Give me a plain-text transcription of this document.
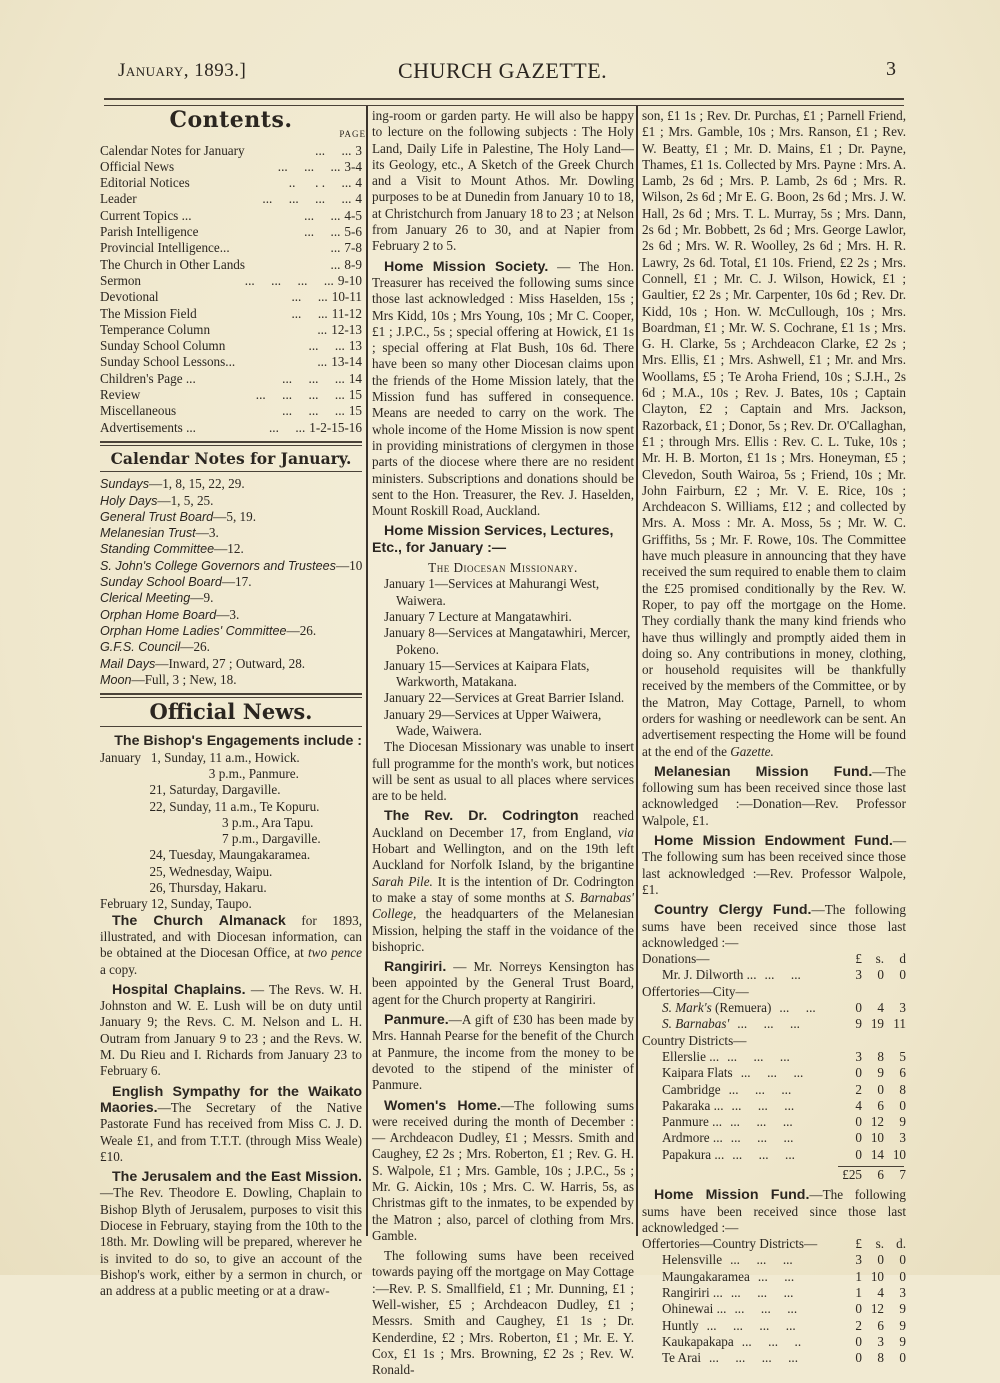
January, 1893.]	CHURCH GAZETTE.	3
Contents.
PAGE
Calendar Notes for January	...     ... 3
Official News	...     ...     ... 3-4
Editorial Notices	..      . .     ... 4
Leader	...     ...     ...     ... 4
Current Topics ...	...     ... 4-5
Parish Intelligence	...     ... 5-6
Provincial Intelligence...	... 7-8
The Church in Other Lands	... 8-9
Sermon	...     ...     ...     ... 9-10
Devotional	...     ... 10-11
The Mission Field	...     ... 11-12
Temperance Column	... 12-13
Sunday School Column	...     ... 13
Sunday School Lessons...	... 13-14
Children's Page ...	...     ...     ... 14
Review	...     ...     ...     ... 15
Miscellaneous	...     ...     ... 15
Advertisements ...	...     ... 1-2-15-16
Calendar Notes for January.
Sundays—1, 8, 15, 22, 29.
Holy Days—1, 5, 25.
General Trust Board—5, 19.
Melanesian Trust—3.
Standing Committee—12.
S. John's College Governors and Trustees—10
Sunday School Board—17.
Clerical Meeting—9.
Orphan Home Board—3.
Orphan Home Ladies' Committee—26.
G.F.S. Council—26.
Mail Days—Inward, 27 ; Outward, 28.
Moon—Full, 3 ; New, 18.
Official News.
The Bishop's Engagements include :
January   1, Sunday, 11 a.m., Howick.
3 p.m., Panmure.
21, Saturday, Dargaville.
22, Sunday, 11 a.m., Te Kopuru.
3 p.m., Ara Tapu.
7 p.m., Dargaville.
24, Tuesday, Maungakaramea.
25, Wednesday, Waipu.
26, Thursday, Hakaru.
February 12, Sunday, Taupo.

The Church Almanack for 1893, illustrated, and with Diocesan information, can be obtained at the Diocesan Office, at two pence a copy.

Hospital Chaplains. — The Revs. W. H. Johnston and W. E. Lush will be on duty until January 9; the Revs. C. M. Nelson and L. H. Outram from January 9 to 23 ; and the Revs. W. M. Du Rieu and I. Richards from January 23 to February 6.

English Sympathy for the Waikato Maories.—The Secretary of the Native Pastorate Fund has received from Miss C. J. D. Weale £1, and from T.T.T. (through Miss Weale) £10.

The Jerusalem and the East Mission.—The Rev. Theodore E. Dowling, Chaplain to Bishop Blyth of Jerusalem, purposes to visit this Diocese in February, staying from the 10th to the 18th. Mr. Dowling will be prepared, wherever he is invited to do so, to give an account of the Bishop's work, either by a sermon in church, or an address at a public meeting or at a draw-

ing-room or garden party. He will also be happy to lecture on the following subjects : The Holy Land, Daily Life in Palestine, The Holy Land—its Geology, etc., A Sketch of the Greek Church and a Visit to Mount Athos. Mr. Dowling purposes to be at Dunedin from January 10 to 18, at Christchurch from January 18 to 23 ; at Nelson from January 26 to 30, and at Napier from February 2 to 5.

Home Mission Society. — The Hon. Treasurer has received the following sums since those last acknowledged : Miss Haselden, 15s ; Mrs Kidd, 10s ; Mrs Young, 10s ; Mr C. Cooper, £1 ; J.P.C., 5s ; special offering at Howick, £1 1s ; special offering at Flat Bush, 10s 6d. There have been so many other Diocesan claims upon the friends of the Home Mission lately, that the Mission fund has suffered in consequence. Means are needed to carry on the work. The whole income of the Home Mission is now spent in providing ministrations of clergymen in those parts of the diocese where there are no resident ministers. Subscriptions and donations should be sent to the Hon. Treasurer, the Rev. J. Haselden, Mount Roskill Road, Auckland.

Home Mission Services, Lectures, Etc., for January :—

The Diocesan Missionary.

January 1—Services at Mahurangi West, Waiwera.

January 7 Lecture at Mangatawhiri.

January 8—Services at Mangatawhiri, Mercer, Pokeno.

January 15—Services at Kaipara Flats, Warkworth, Matakana.

January 22—Services at Great Barrier Island.

January 29—Services at Upper Waiwera, Wade, Waiwera.

The Diocesan Missionary was unable to insert full programme for the month's work, but notices will be sent as usual to all places where services are to be held.

The Rev. Dr. Codrington reached Auckland on December 17, from England, via Hobart and Wellington, and on the 19th left Auckland for Norfolk Island, by the brigantine Sarah Pile. It is the intention of Dr. Codrington to make a stay of some months at S. Barnabas' College, the headquarters of the Melanesian Mission, helping the staff in the voidance of the bishopric.

Rangiriri. — Mr. Norreys Kensington has been appointed by the General Trust Board, agent for the Church property at Rangiriri.

Panmure.—A gift of £30 has been made by Mrs. Hannah Pearse for the benefit of the Church at Panmure, the income from the money to be devoted to the stipend of the minister of Panmure.

Women's Home.—The following sums were received during the month of December : — Archdeacon Dudley, £1 ; Messrs. Smith and Caughey, £2 2s ; Mrs. Roberton, £1 ; Rev. G. H. S. Walpole, £1 ; Mrs. Gamble, 10s ; J.P.C., 5s ; Mr. G. Aickin, 10s ; Mrs. C. W. Harris, 5s, as Christmas gift to the inmates, to be expended by the Matron ; also, parcel of clothing from Mrs. Gamble.

The following sums have been received towards paying off the mortgage on May Cottage :—Rev. P. S. Smallfield, £1 ; Mr. Dunning, £1 ; Well-wisher, £5 ; Archdeacon Dudley, £1 ; Messrs. Smith and Caughey, £1 1s ; Dr. Kenderdine, £2 ; Mrs. Roberton, £1 ; Mr. E. Y. Cox, £1 1s ; Mrs. Browning, £2 2s ; Rev. W. Ronald-

son, £1 1s ; Rev. Dr. Purchas, £1 ; Parnell Friend, £1 ; Mrs. Gamble, 10s ; Mrs. Ranson, £1 ; Rev. W. Beatty, £1 ; Mr. D. Mains, £1 ; Dr. Payne, Thames, £1 1s. Collected by Mrs. Payne : Mrs. A. Lamb, 2s 6d ; Mrs. P. Lamb, 2s 6d ; Mrs. R. Wilson, 2s 6d ; Mr E. G. Boon, 2s 6d ; Mrs. J. W. Hall, 2s 6d ; Mrs. T. L. Murray, 5s ; Mrs. Dann, 2s 6d ; Mr. Bobbett, 2s 6d ; Mrs. George Lawlor, 2s 6d ; Mrs. W. R. Woolley, 2s 6d ; Mrs. H. R. Lawry, 2s 6d. Total, £1 10s. Friend, £2 2s ; Mrs. Connell, £1 ; Mr. C. J. Wilson, Howick, £1 ; Gaultier, £2 2s ; Mr. Carpenter, 10s 6d ; Rev. Dr. Kidd, 10s ; Hon. W. McCullough, 10s ; Mrs. Boardman, £1 ; Mr. W. S. Cochrane, £1 1s ; Mrs. G. H. Clarke, 5s ; Archdeacon Clarke, £2 2s ; Mrs. Ellis, £1 ; Mrs. Ashwell, £1 ; Mr. and Mrs. Woollams, £5 ; Te Aroha Friend, 10s ; S.J.H., 2s 6d ; M.A., 10s ; Rev. J. Bates, 10s ; Captain Clayton, £2 ; Captain and Mrs. Jackson, Razorback, £1 ; Donor, 5s ; Rev. Dr. O'Callaghan, £1 ; through Mrs. Ellis : Rev. C. L. Tuke, 10s ; Mr. H. B. Morton, £1 1s ; Mrs. Honeyman, £5 ; Clevedon, South Wairoa, 5s ; Friend, 10s ; Mr. John Fairburn, £2 ; Mr. V. E. Rice, 10s ; Archdeacon S. Williams, £12 ; and collected by Mrs. A. Moss : Mr. A. Moss, 5s ; Mr. W. C. Griffiths, 5s ; Mr. F. Rowe, 10s. The Committee have much pleasure in announcing that they have received the sum required to enable them to claim the £25 promised conditionally by the Rev. W. Roper, to pay off the mortgage on the Home. They cordially thank the many kind friends who have thus willingly and promptly aided them in doing so. Any contributions in money, clothing, or household requisites will be thankfully received by the members of the Committee, or by the Matron, May Cottage, Parnell, to whom orders for washing or needlework can be sent. An advertisement respecting the Home will be found at the end of the Gazette.

Melanesian Mission Fund.—The following sum has been received since those last acknowledged :—Donation—Rev. Professor Walpole, £1.

Home Mission Endowment Fund.— The following sum has been received since those last acknowledged :—Rev. Professor Walpole, £1.

Country Clergy Fund.—The following sums have been received since those last acknowledged :—

Donations—	£	s.	d
Mr. J. Dilworth ... ...     ...	3	0	0
Offertories—City—
S. Mark's (Remuera) ...     ...	0	4	3
S. Barnabas' ...     ...     ...	9 19 11
Country Districts—
Ellerslie ... ...     ...     ...	3	8	5
Kaipara Flats ...     ...     ...	0	9	6
Cambridge ...     ...     ...	2	0	8
Pakaraka ... ...     ...     ...	4	6	0
Panmure ... ...     ...     ...	0 12	9
Ardmore ... ...     ...     ...	0 10	3
Papakura ... ...     ...     ...	0 14 10
£25	6	7

Home Mission Fund.—The following sums have been received since those last acknowledged :—

Offertories—Country Districts—	£	s. d.
Helensville ...     ...     ...	3	0	0
Maungakaramea ...     ...	1 10	0
Rangiriri ... ...     ...     ...	1	4	3
Ohinewai ... ...     ...     ...	0 12	9
Huntly ...     ...     ...     ...	2	6	9
Kaukapakapa ...     ...     ..	0	3	9
Te Arai ...     ...     ...     ...	0	8	0
